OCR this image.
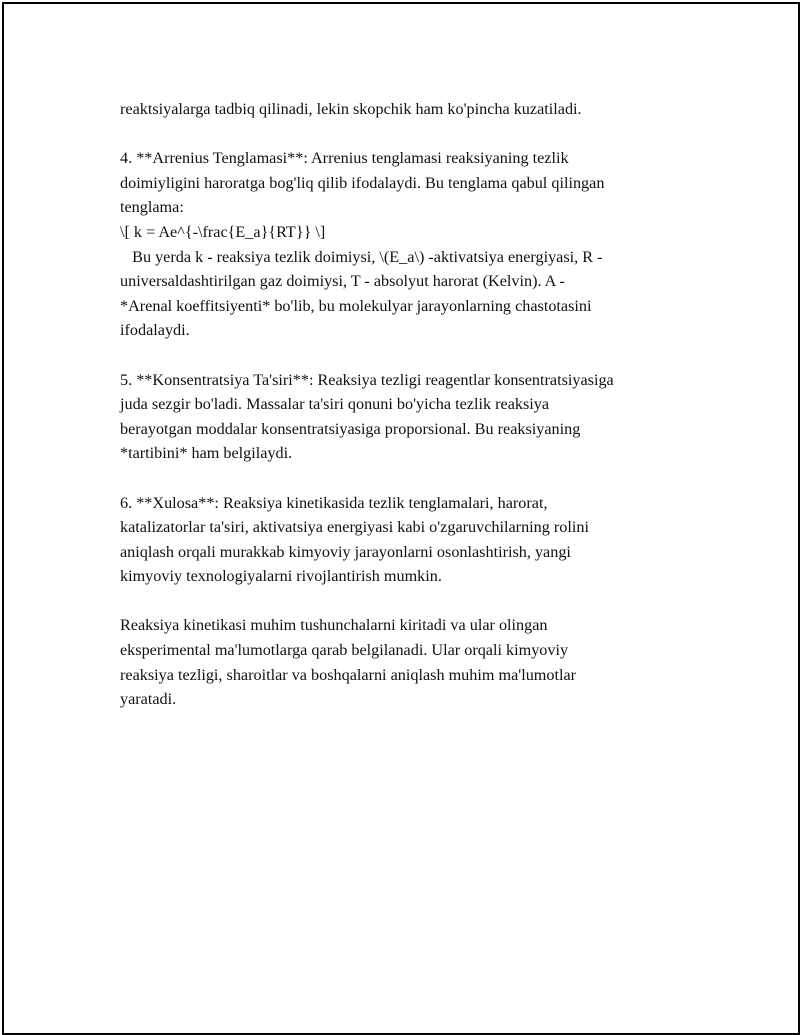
reaktsiyalarga tadbiq qilinadi, lekin skopchik ham ko'pincha kuzatiladi.
4. **Arrenius Tenglamasi**: Arrenius tenglamasi reaksiyaning tezlik
doimiyligini haroratga bog'liq qilib ifodalaydi. Bu tenglama qabul qilingan
tenglama:
\[ k = Ae^{-\frac{E_a}{RT}} \]
Bu yerda k - reaksiya tezlik doimiysi, \(E_a\) -aktivatsiya energiyasi, R -
universaldashtirilgan gaz doimiysi, T - absolyut harorat (Kelvin). A -
*Arenal koeffitsiyenti* bo'lib, bu molekulyar jarayonlarning chastotasini
ifodalaydi.
5. **Konsentratsiya Ta'siri**: Reaksiya tezligi reagentlar konsentratsiyasiga
juda sezgir bo'ladi. Massalar ta'siri qonuni bo'yicha tezlik reaksiya
berayotgan moddalar konsentratsiyasiga proporsional. Bu reaksiyaning
*tartibini* ham belgilaydi.
6. **Xulosa**: Reaksiya kinetikasida tezlik tenglamalari, harorat,
katalizatorlar ta'siri, aktivatsiya energiyasi kabi o'zgaruvchilarning rolini
aniqlash orqali murakkab kimyoviy jarayonlarni osonlashtirish, yangi
kimyoviy texnologiyalarni rivojlantirish mumkin.
Reaksiya kinetikasi muhim tushunchalarni kiritadi va ular olingan
eksperimental ma'lumotlarga qarab belgilanadi. Ular orqali kimyoviy
reaksiya tezligi, sharoitlar va boshqalarni aniqlash muhim ma'lumotlar
yaratadi.
